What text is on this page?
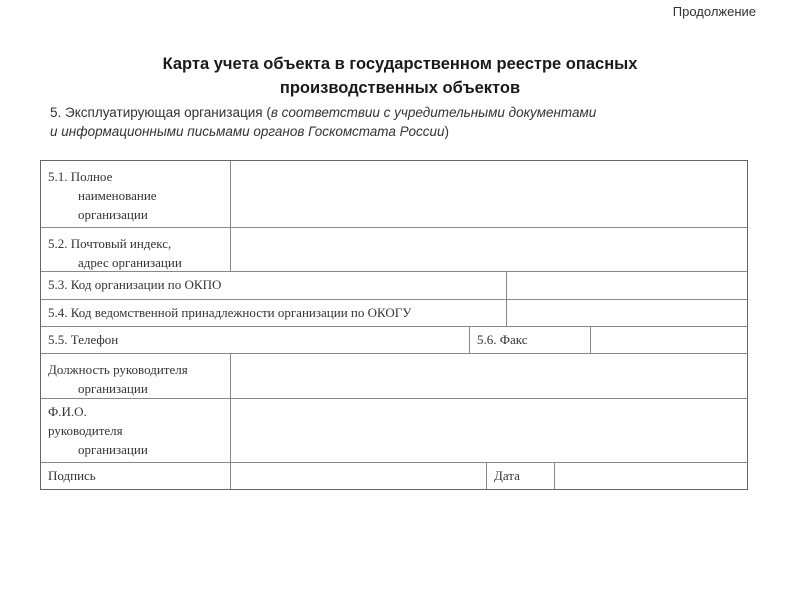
Продолжение
Карта учета объекта в государственном реестре опасных
производственных объектов
5. Эксплуатирующая организация (в соответствии с учредительными документами
и информационными письмами органов Госкомстата России)
5.1. Полное
наименование
организации
5.2. Почтовый индекс,
адрес организации
5.3. Код организации по ОКПО
5.4. Код ведомственной принадлежности организации по ОКОГУ
5.5. Телефон	5.6. Факс
Должность руководителя
организации
Ф.И.О.
руководителя
организации
Подпись	Дата
